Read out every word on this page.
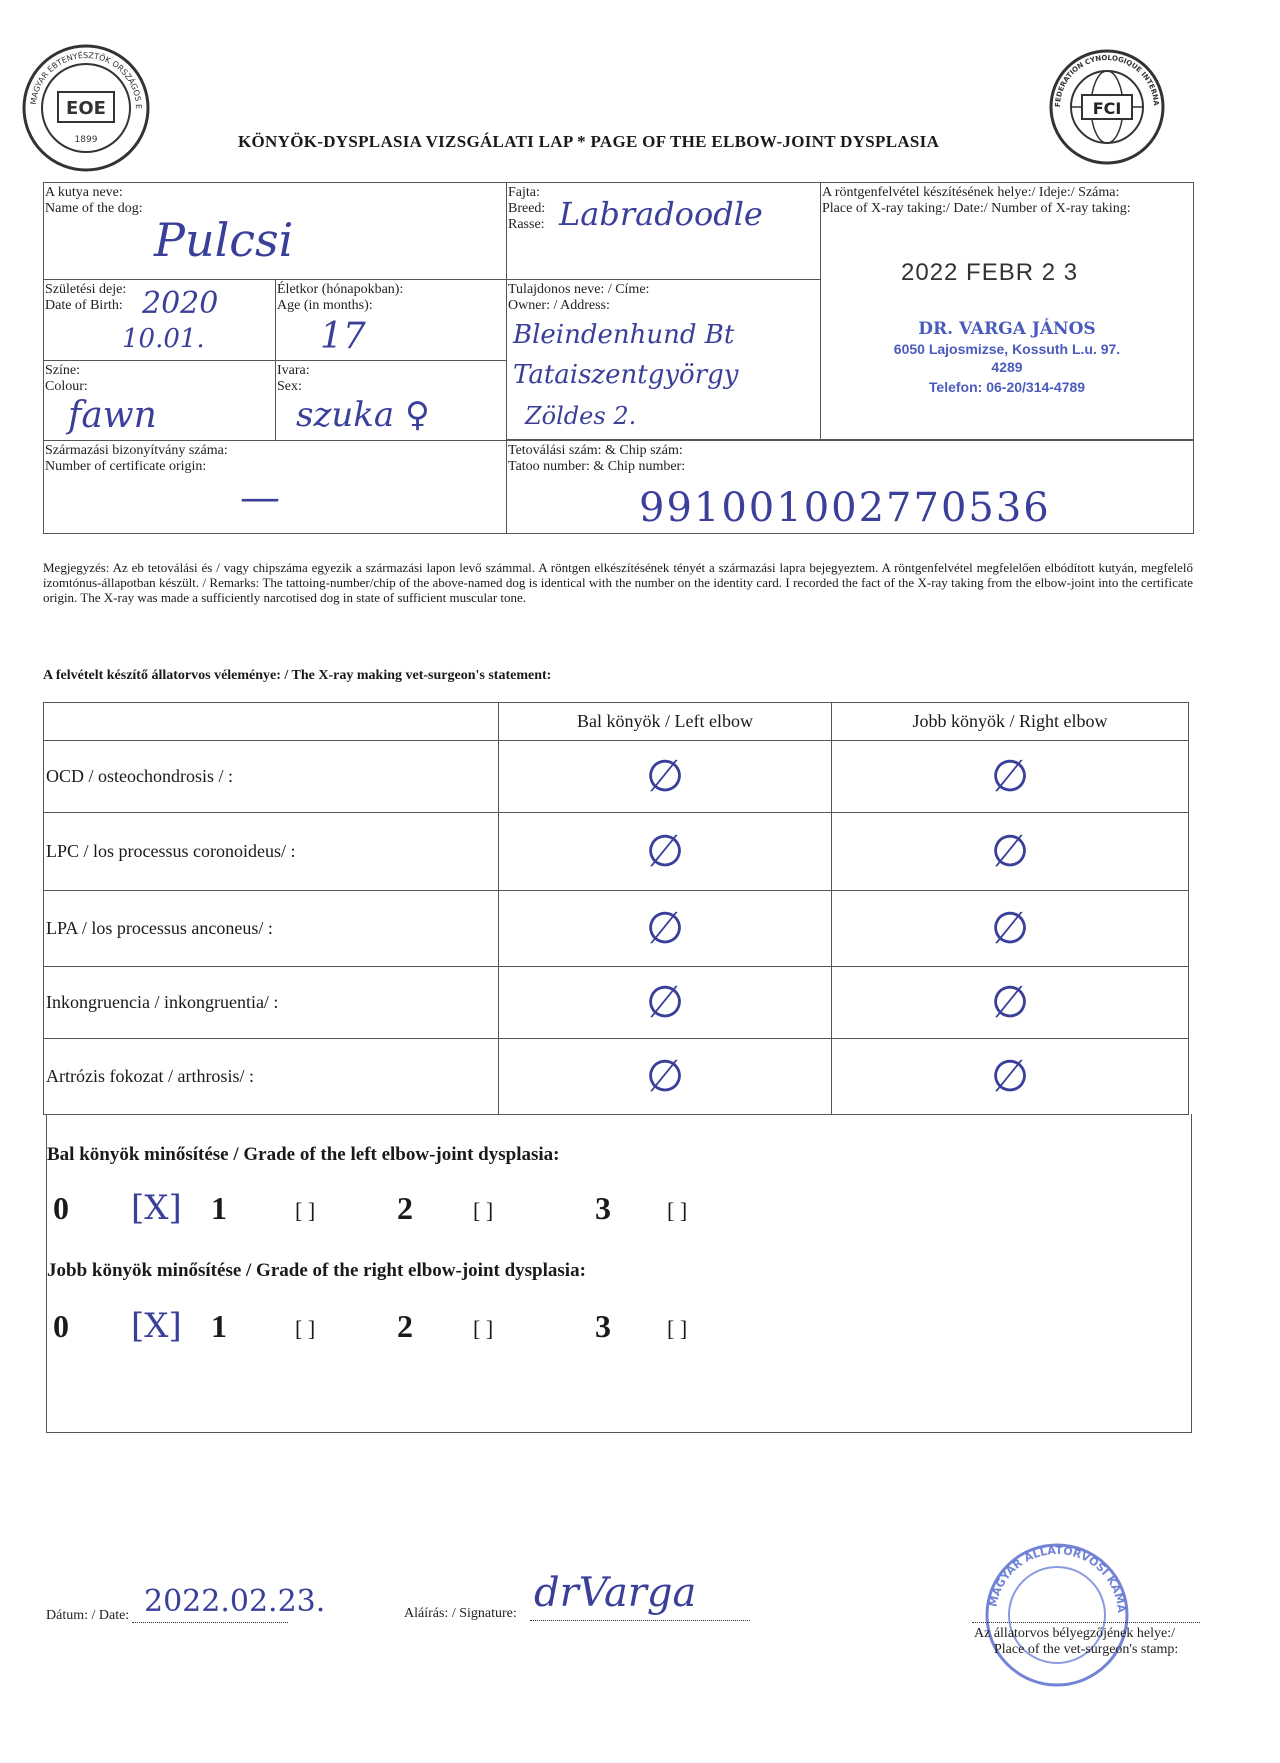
EOE
1899
MAGYAR EBTENYÉSZTŐK ORSZÁGOS E	FCI
FEDERATION CYNOLOGIQUE INTERNA
KÖNYÖK-DYSPLASIA VIZSGÁLATI LAP * PAGE OF THE ELBOW-JOINT DYSPLASIA
A kutya neve:
Name of the dog:
Pulcsi
Fajta:
Breed:
Rasse: Labradoodle
A röntgenfelvétel készítésének helye:/ Ideje:/ Száma:
Place of X-ray taking:/ Date:/ Number of X-ray taking:
2022 FEBR 2 3
DR. VARGA JÁNOS
6050 Lajosmizse, Kossuth L.u. 97.
4289
Telefon: 06-20/314-4789
Születési deje:
Date of Birth: 2020
10.01.
Életkor (hónapokban):
Age (in months):
17
Tulajdonos neve: / Címe:
Owner: / Address:
Bleindenhund Bt
Tataiszentgyörgy
Zöldes 2.
Színe:
Colour:
fawn
Ivara:
Sex:
szuka ♀
Származási bizonyítvány száma:
Number of certificate origin:
—
Tetoválási szám: & Chip szám:
Tatoo number: & Chip number:
991001002770536
Megjegyzés: Az eb tetoválási és / vagy chipszáma egyezik a származási lapon levő számmal. A röntgen elkészítésének tényét a származási lapra bejegyeztem. A röntgenfelvétel megfelelően elbódított kutyán, megfelelő izomtónus-állapotban készült. / Remarks: The tattoing-number/chip of the above-named dog is identical with the number on the identity card. I recorded the fact of the X-ray taking from the elbow-joint into the certificate origin. The X-ray was made a sufficiently narcotised dog in state of sufficient muscular tone.
A felvételt készítő állatorvos véleménye: / The X-ray making vet-surgeon's statement:
	Bal könyök / Left elbow	Jobb könyök / Right elbow
OCD / osteochondrosis / :	∅	∅
LPC / los processus coronoideus/ :	∅	∅
LPA / los processus anconeus/ :	∅	∅
Inkongruencia / inkongruentia/ :	∅	∅
Artrózis fokozat / arthrosis/ :	∅	∅
Bal könyök minősítése / Grade of the left elbow-joint dysplasia:
0 [X] 1	[ ]	2	[ ]	3	[ ]
Jobb könyök minősítése / Grade of the right elbow-joint dysplasia:
0 [X] 1	[ ]	2	[ ]	3	[ ]
Dátum: / Date: 2022.02.23.	Aláírás: / Signature: drVarga	MAGYAR ÁLLATORVOSI KAMA
Az állatorvos bélyegzőjének helye:/
Place of the vet-surgeon's stamp:
